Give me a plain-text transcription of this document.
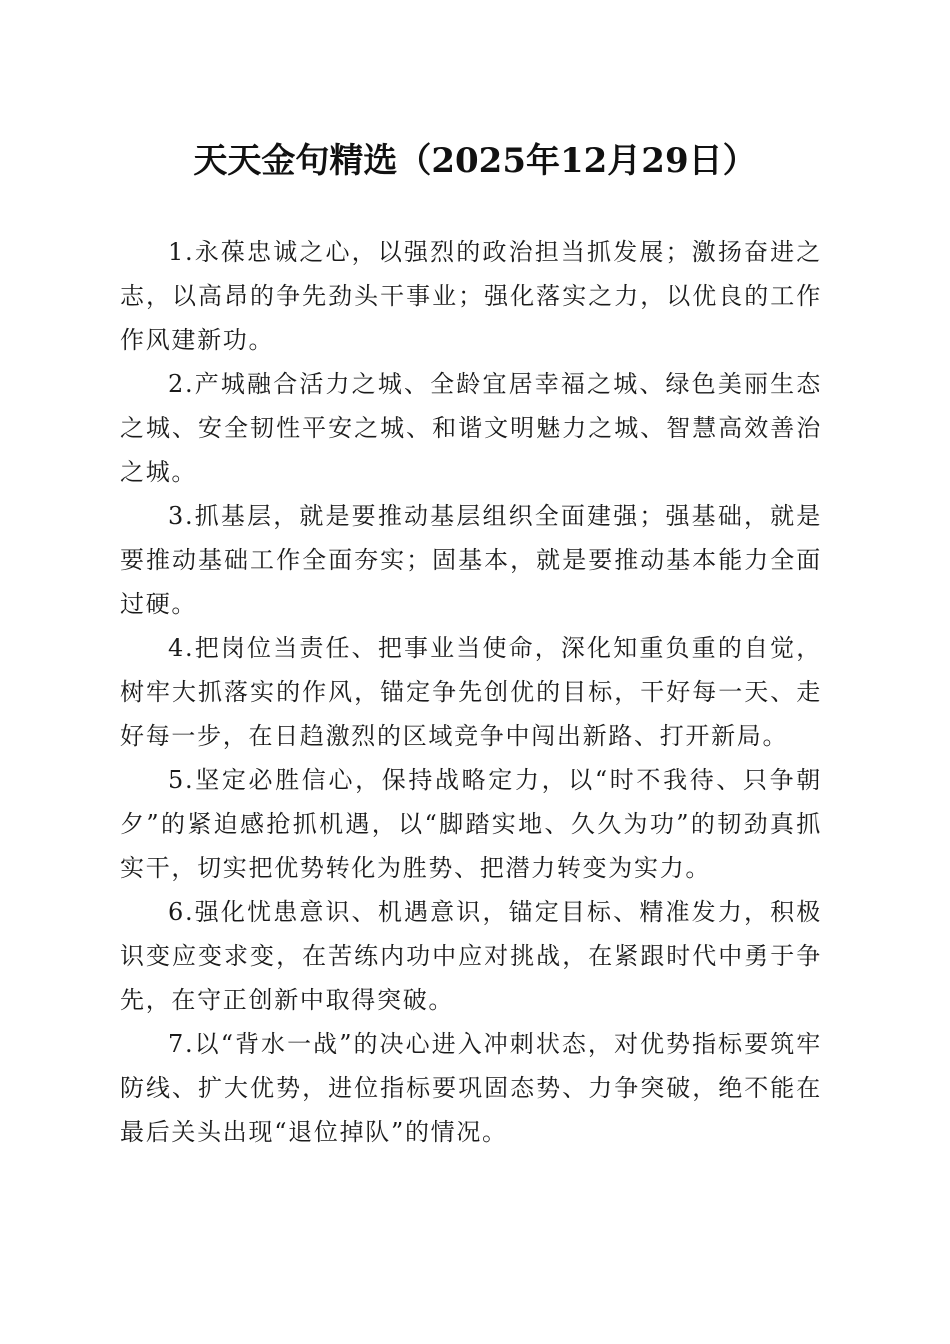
天天金句精选（2025年12月29日）

1.永葆忠诚之心，以强烈的政治担当抓发展；激扬奋进之志，以高昂的争先劲头干事业；强化落实之力，以优良的工作作风建新功。

2.产城融合活力之城、全龄宜居幸福之城、绿色美丽生态之城、安全韧性平安之城、和谐文明魅力之城、智慧高效善治之城。

3.抓基层，就是要推动基层组织全面建强；强基础，就是要推动基础工作全面夯实；固基本，就是要推动基本能力全面过硬。

4.把岗位当责任、把事业当使命，深化知重负重的自觉，树牢大抓落实的作风，锚定争先创优的目标，干好每一天、走好每一步，在日趋激烈的区域竞争中闯出新路、打开新局。

5.坚定必胜信心，保持战略定力，以“时不我待、只争朝夕”的紧迫感抢抓机遇，以“脚踏实地、久久为功”的韧劲真抓实干，切实把优势转化为胜势、把潜力转变为实力。

6.强化忧患意识、机遇意识，锚定目标、精准发力，积极识变应变求变，在苦练内功中应对挑战，在紧跟时代中勇于争先，在守正创新中取得突破。

7.以“背水一战”的决心进入冲刺状态，对优势指标要筑牢防线、扩大优势，进位指标要巩固态势、力争突破，绝不能在最后关头出现“退位掉队”的情况。
